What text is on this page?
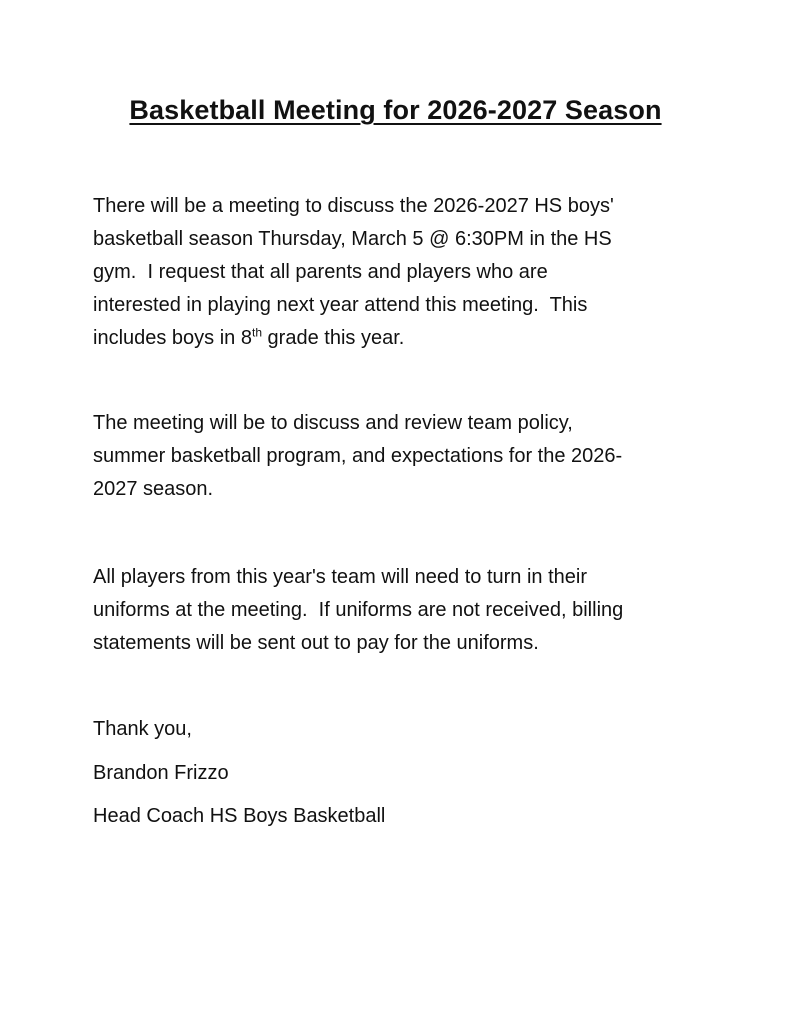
Basketball Meeting for 2026-2027 Season
There will be a meeting to discuss the 2026-2027 HS boys'
basketball season Thursday, March 5 @ 6:30PM in the HS
gym.  I request that all parents and players who are
interested in playing next year attend this meeting.  This
includes boys in 8th grade this year.
The meeting will be to discuss and review team policy,
summer basketball program, and expectations for the 2026-
2027 season.
All players from this year's team will need to turn in their
uniforms at the meeting.  If uniforms are not received, billing
statements will be sent out to pay for the uniforms.
Thank you,
Brandon Frizzo
Head Coach HS Boys Basketball
